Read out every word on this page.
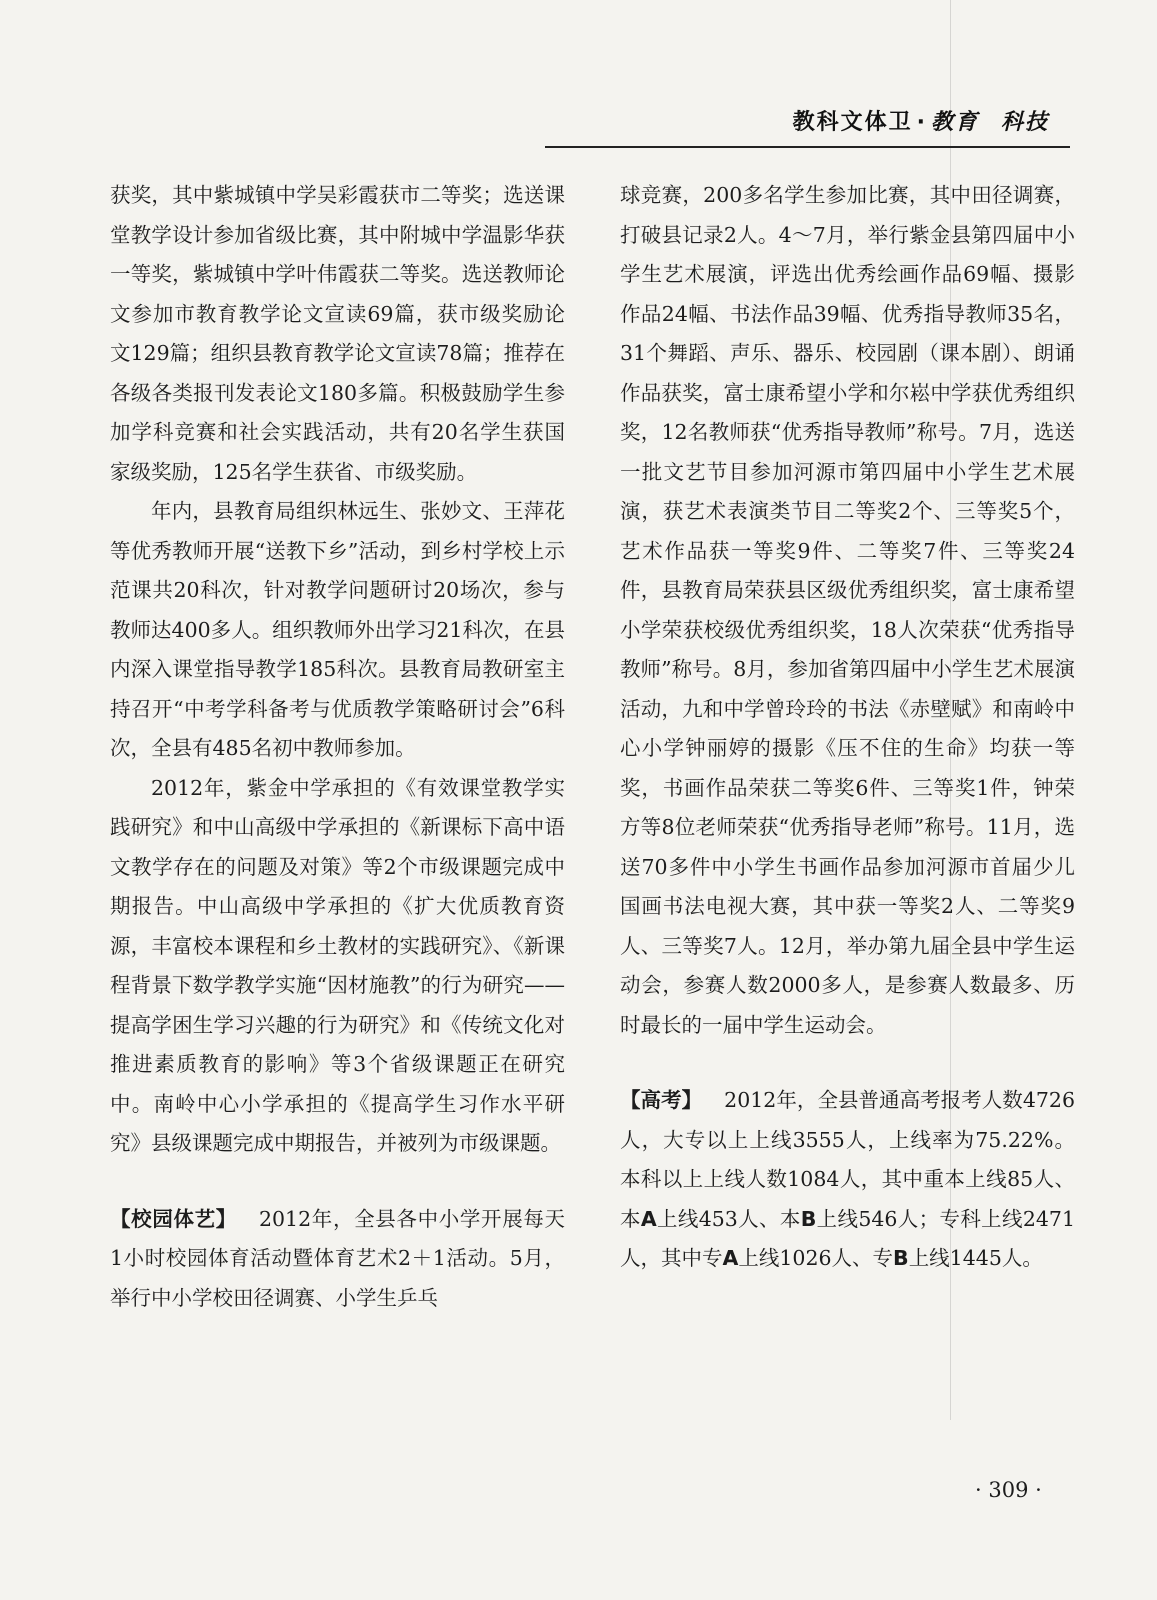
教科文体卫 · 教育 科技

获奖，其中紫城镇中学吴彩霞获市二等奖；选送课堂教学设计参加省级比赛，其中附城中学温影华获一等奖，紫城镇中学叶伟霞获二等奖。选送教师论文参加市教育教学论文宣读69篇，获市级奖励论文129篇；组织县教育教学论文宣读78篇；推荐在各级各类报刊发表论文180多篇。积极鼓励学生参加学科竞赛和社会实践活动，共有20名学生获国家级奖励，125名学生获省、市级奖励。

年内，县教育局组织林远生、张妙文、王萍花等优秀教师开展“送教下乡”活动，到乡村学校上示范课共20科次，针对教学问题研讨20场次，参与教师达400多人。组织教师外出学习21科次，在县内深入课堂指导教学185科次。县教育局教研室主持召开“中考学科备考与优质教学策略研讨会”6科次，全县有485名初中教师参加。

2012年，紫金中学承担的《有效课堂教学实践研究》和中山高级中学承担的《新课标下高中语文教学存在的问题及对策》等2个市级课题完成中期报告。中山高级中学承担的《扩大优质教育资源，丰富校本课程和乡土教材的实践研究》、《新课程背景下数学教学实施“因材施教”的行为研究——提高学困生学习兴趣的行为研究》和《传统文化对推进素质教育的影响》等3个省级课题正在研究中。南岭中心小学承担的《提高学生习作水平研究》县级课题完成中期报告，并被列为市级课题。

【校园体艺】 2012年，全县各中小学开展每天1小时校园体育活动暨体育艺术2＋1活动。5月，举行中小学校田径调赛、小学生乒乓

球竞赛，200多名学生参加比赛，其中田径调赛，打破县记录2人。4～7月，举行紫金县第四届中小学生艺术展演，评选出优秀绘画作品69幅、摄影作品24幅、书法作品39幅、优秀指导教师35名，31个舞蹈、声乐、器乐、校园剧（课本剧）、朗诵作品获奖，富士康希望小学和尔崧中学获优秀组织奖，12名教师获“优秀指导教师”称号。7月，选送一批文艺节目参加河源市第四届中小学生艺术展演，获艺术表演类节目二等奖2个、三等奖5个，艺术作品获一等奖9件、二等奖7件、三等奖24件，县教育局荣获县区级优秀组织奖，富士康希望小学荣获校级优秀组织奖，18人次荣获“优秀指导教师”称号。8月，参加省第四届中小学生艺术展演活动，九和中学曾玲玲的书法《赤壁赋》和南岭中心小学钟丽婷的摄影《压不住的生命》均获一等奖，书画作品荣获二等奖6件、三等奖1件，钟荣方等8位老师荣获“优秀指导老师”称号。11月，选送70多件中小学生书画作品参加河源市首届少儿国画书法电视大赛，其中获一等奖2人、二等奖9人、三等奖7人。12月，举办第九届全县中学生运动会，参赛人数2000多人，是参赛人数最多、历时最长的一届中学生运动会。

【高考】 2012年，全县普通高考报考人数4726人，大专以上上线3555人，上线率为75.22%。本科以上上线人数1084人，其中重本上线85人、本A上线453人、本B上线546人；专科上线2471人，其中专A上线1026人、专B上线1445人。

· 309 ·
